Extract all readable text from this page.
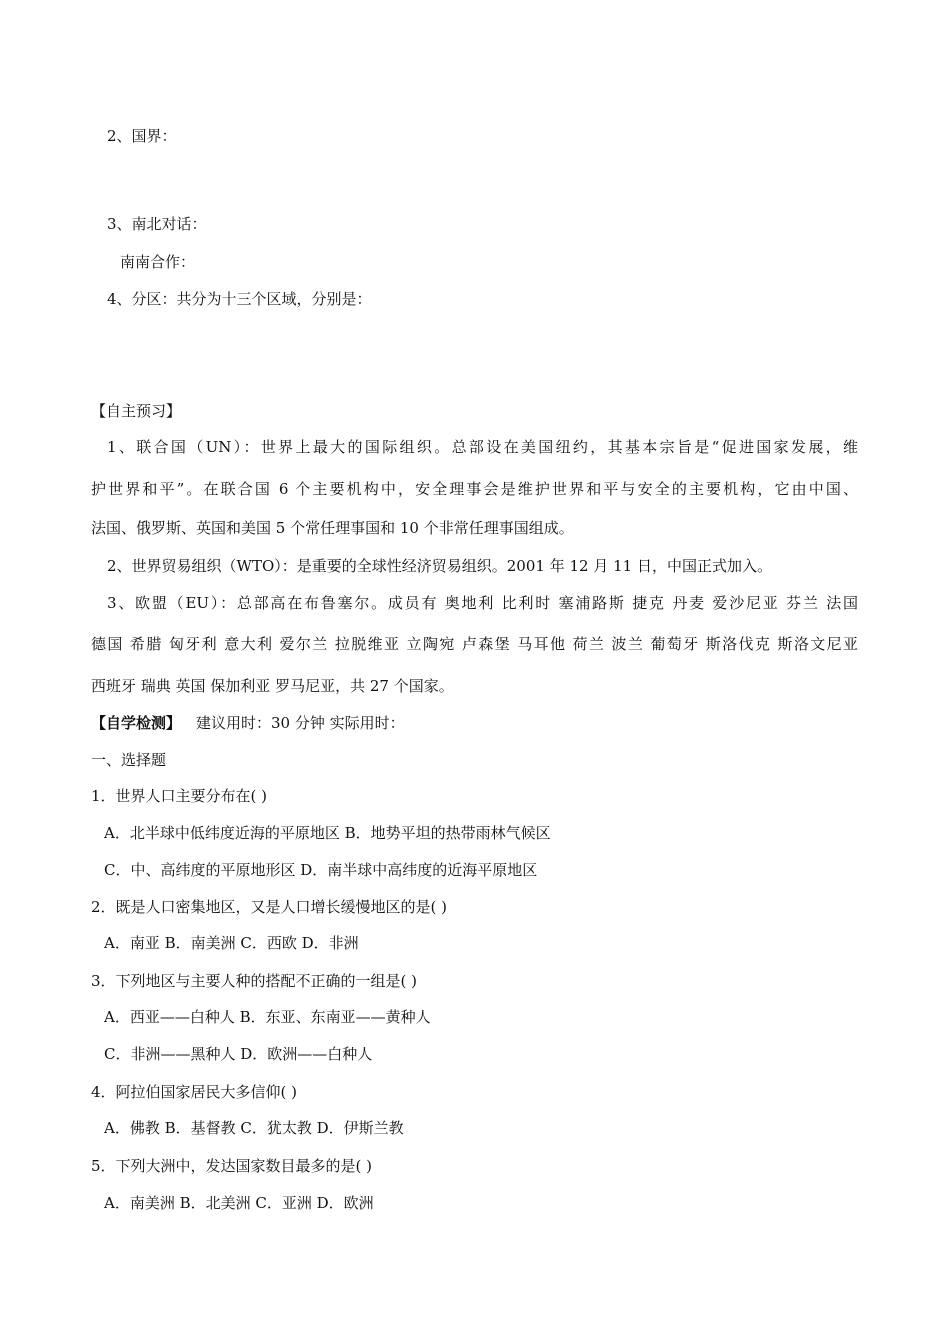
2、国界：
3、南北对话：
南南合作：
4、分区：共分为十三个区域，分别是：
【自主预习】
1、联合国（UN）：世界上最大的国际组织。总部设在美国纽约，其基本宗旨是“促进国家发展，维
护世界和平”。在联合国 6 个主要机构中，安全理事会是维护世界和平与安全的主要机构，它由中国、
法国、俄罗斯、英国和美国 5 个常任理事国和 10 个非常任理事国组成。
2、世界贸易组织（WTO）：是重要的全球性经济贸易组织。2001 年 12 月 11 日，中国正式加入。
3、欧盟（EU）：总部高在布鲁塞尔。成员有 奥地利 比利时 塞浦路斯 捷克 丹麦 爱沙尼亚 芬兰 法国
德国 希腊 匈牙利 意大利 爱尔兰 拉脱维亚 立陶宛 卢森堡 马耳他 荷兰 波兰 葡萄牙 斯洛伐克 斯洛文尼亚
西班牙 瑞典 英国 保加利亚 罗马尼亚，共 27 个国家。
【自学检测】 建议用时：30 分钟 实际用时：
一、选择题
1．世界人口主要分布在( )
A．北半球中低纬度近海的平原地区 B．地势平坦的热带雨林气候区
C．中、高纬度的平原地形区 D．南半球中高纬度的近海平原地区
2．既是人口密集地区，又是人口增长缓慢地区的是( )
A．南亚 B．南美洲 C．西欧 D．非洲
3．下列地区与主要人种的搭配不正确的一组是( )
A．西亚——白种人 B．东亚、东南亚——黄种人
C．非洲——黑种人 D．欧洲——白种人
4．阿拉伯国家居民大多信仰( )
A．佛教 B．基督教 C．犹太教 D．伊斯兰教
5．下列大洲中，发达国家数目最多的是( )
A．南美洲 B．北美洲 C．亚洲 D．欧洲
